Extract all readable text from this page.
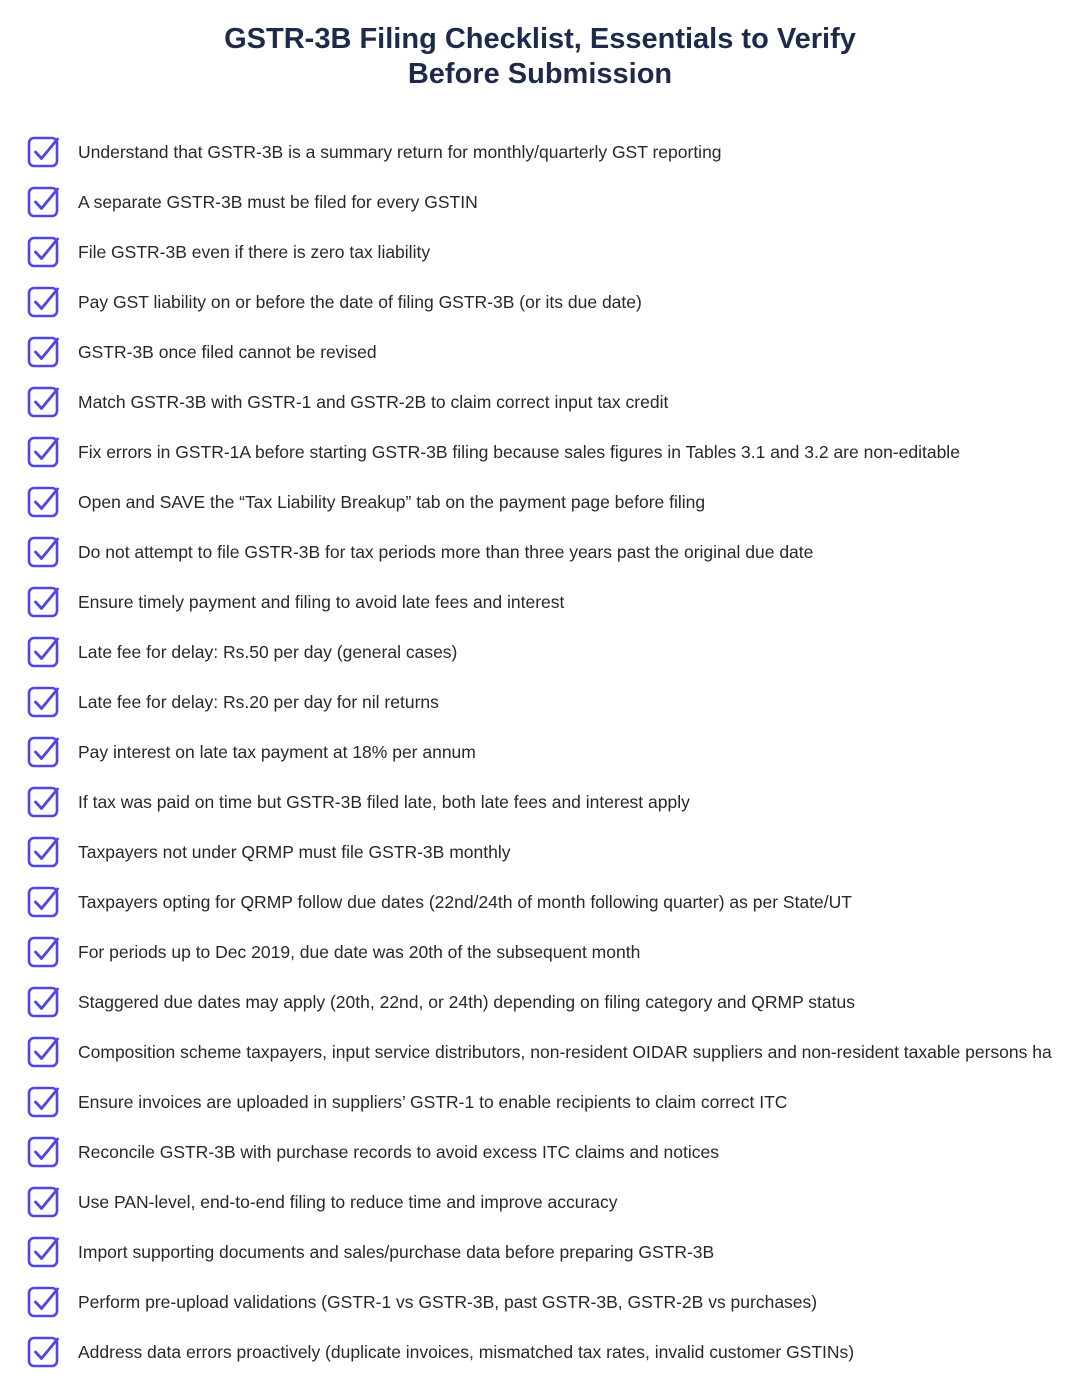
GSTR-3B Filing Checklist, Essentials to Verify
Before Submission
Understand that GSTR-3B is a summary return for monthly/quarterly GST reporting
A separate GSTR-3B must be filed for every GSTIN
File GSTR-3B even if there is zero tax liability
Pay GST liability on or before the date of filing GSTR-3B (or its due date)
GSTR-3B once filed cannot be revised
Match GSTR-3B with GSTR-1 and GSTR-2B to claim correct input tax credit
Fix errors in GSTR-1A before starting GSTR-3B filing because sales figures in Tables 3.1 and 3.2 are non-editable
Open and SAVE the “Tax Liability Breakup” tab on the payment page before filing
Do not attempt to file GSTR-3B for tax periods more than three years past the original due date
Ensure timely payment and filing to avoid late fees and interest
Late fee for delay: Rs.50 per day (general cases)
Late fee for delay: Rs.20 per day for nil returns
Pay interest on late tax payment at 18% per annum
If tax was paid on time but GSTR-3B filed late, both late fees and interest apply
Taxpayers not under QRMP must file GSTR-3B monthly
Taxpayers opting for QRMP follow due dates (22nd/24th of month following quarter) as per State/UT
For periods up to Dec 2019, due date was 20th of the subsequent month
Staggered due dates may apply (20th, 22nd, or 24th) depending on filing category and QRMP status
Composition scheme taxpayers, input service distributors, non-resident OIDAR suppliers and non-resident taxable persons ha
Ensure invoices are uploaded in suppliers’ GSTR-1 to enable recipients to claim correct ITC
Reconcile GSTR-3B with purchase records to avoid excess ITC claims and notices
Use PAN-level, end-to-end filing to reduce time and improve accuracy
Import supporting documents and sales/purchase data before preparing GSTR-3B
Perform pre-upload validations (GSTR-1 vs GSTR-3B, past GSTR-3B, GSTR-2B vs purchases)
Address data errors proactively (duplicate invoices, mismatched tax rates, invalid customer GSTINs)
